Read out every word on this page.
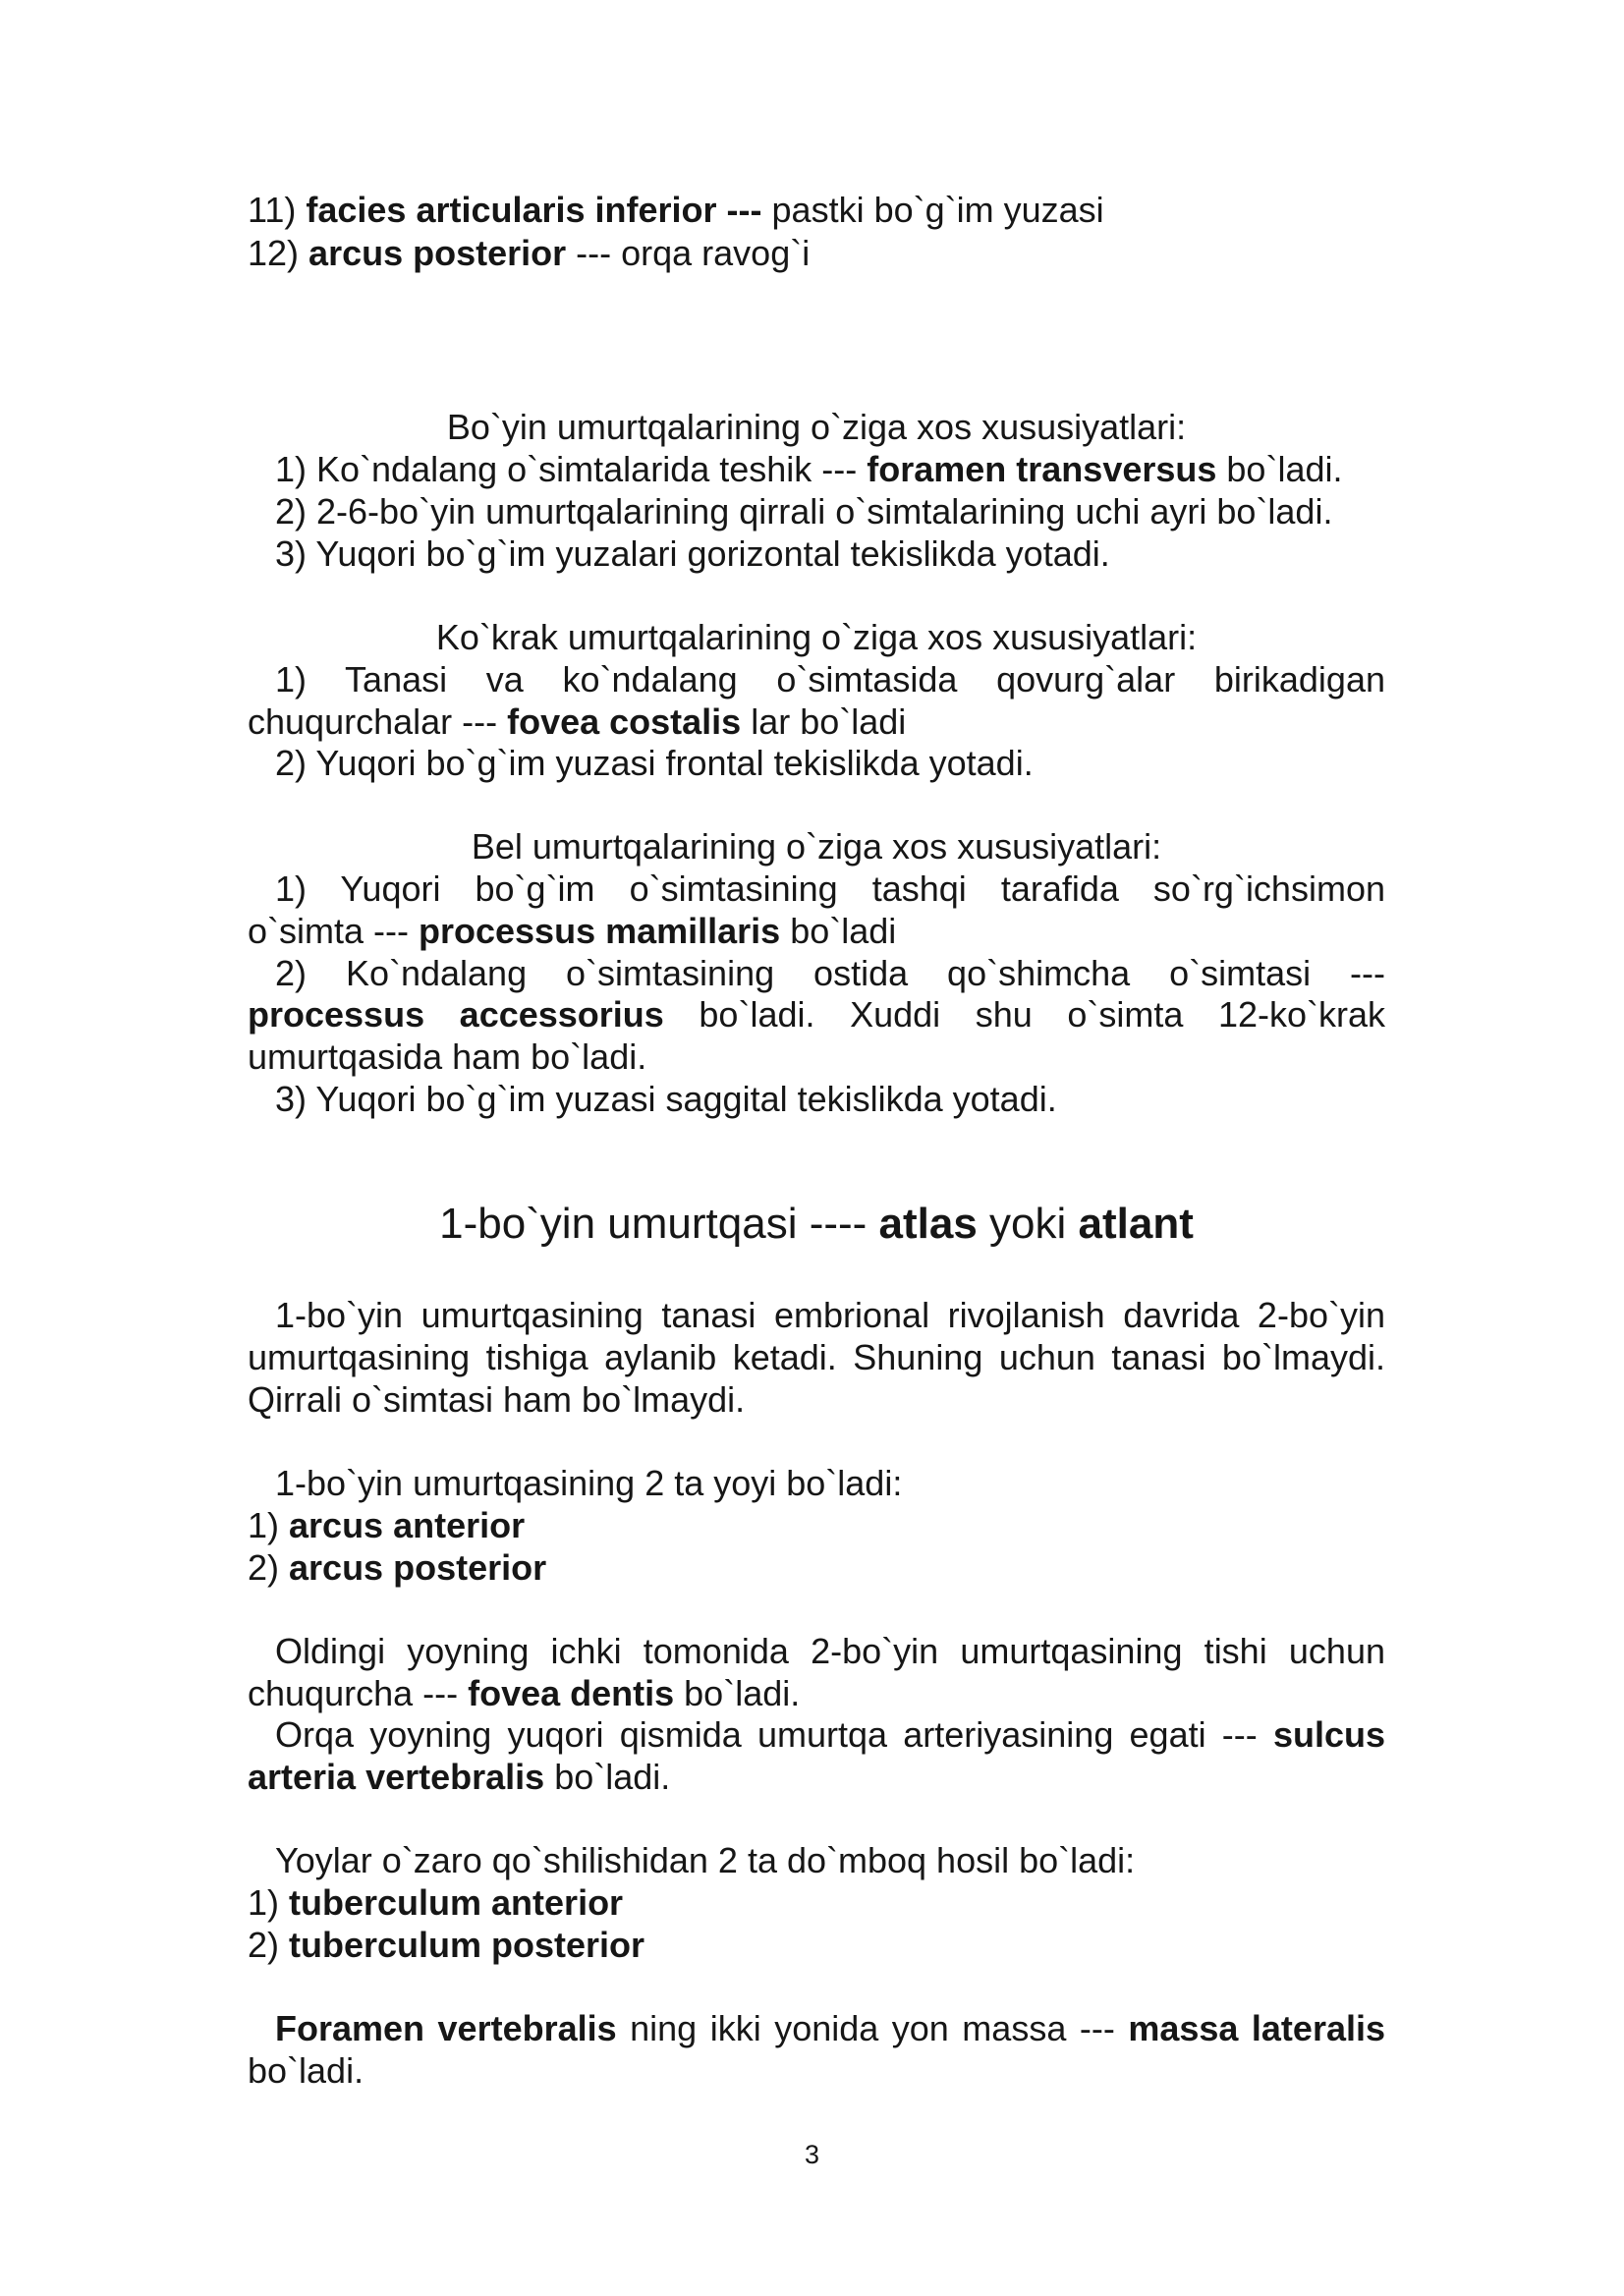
11) facies articularis inferior --- pastki bo`g`im yuzasi
12) arcus posterior --- orqa ravog`i
Bo`yin umurtqalarining o`ziga xos xususiyatlari:
1) Ko`ndalang o`simtalarida teshik --- foramen transversus bo`ladi.
2) 2-6-bo`yin umurtqalarining qirrali o`simtalarining uchi ayri bo`ladi.
3) Yuqori bo`g`im yuzalari gorizontal tekislikda yotadi.
Ko`krak umurtqalarining o`ziga xos xususiyatlari:
1) Tanasi va ko`ndalang o`simtasida qovurg`alar birikadigan
chuqurchalar --- fovea costalis lar bo`ladi
2) Yuqori bo`g`im yuzasi frontal tekislikda yotadi.
Bel umurtqalarining o`ziga xos xususiyatlari:
1) Yuqori bo`g`im o`simtasining tashqi tarafida so`rg`ichsimon
o`simta --- processus mamillaris bo`ladi
2) Ko`ndalang o`simtasining ostida qo`shimcha o`simtasi ---
processus accessorius bo`ladi. Xuddi shu o`simta 12-ko`krak
umurtqasida ham bo`ladi.
3) Yuqori bo`g`im yuzasi saggital tekislikda yotadi.
1-bo`yin umurtqasi ---- atlas yoki atlant
1-bo`yin umurtqasining tanasi embrional rivojlanish davrida 2-bo`yin
umurtqasining tishiga aylanib ketadi. Shuning uchun tanasi bo`lmaydi.
Qirrali o`simtasi ham bo`lmaydi.
1-bo`yin umurtqasining 2 ta yoyi bo`ladi:
1) arcus anterior
2) arcus posterior
Oldingi yoyning ichki tomonida 2-bo`yin umurtqasining tishi uchun
chuqurcha --- fovea dentis bo`ladi.
Orqa yoyning yuqori qismida umurtqa arteriyasining egati --- sulcus
arteria vertebralis bo`ladi.
Yoylar o`zaro qo`shilishidan 2 ta do`mboq hosil bo`ladi:
1) tuberculum anterior
2) tuberculum posterior
Foramen vertebralis ning ikki yonida yon massa --- massa lateralis
bo`ladi.
3
